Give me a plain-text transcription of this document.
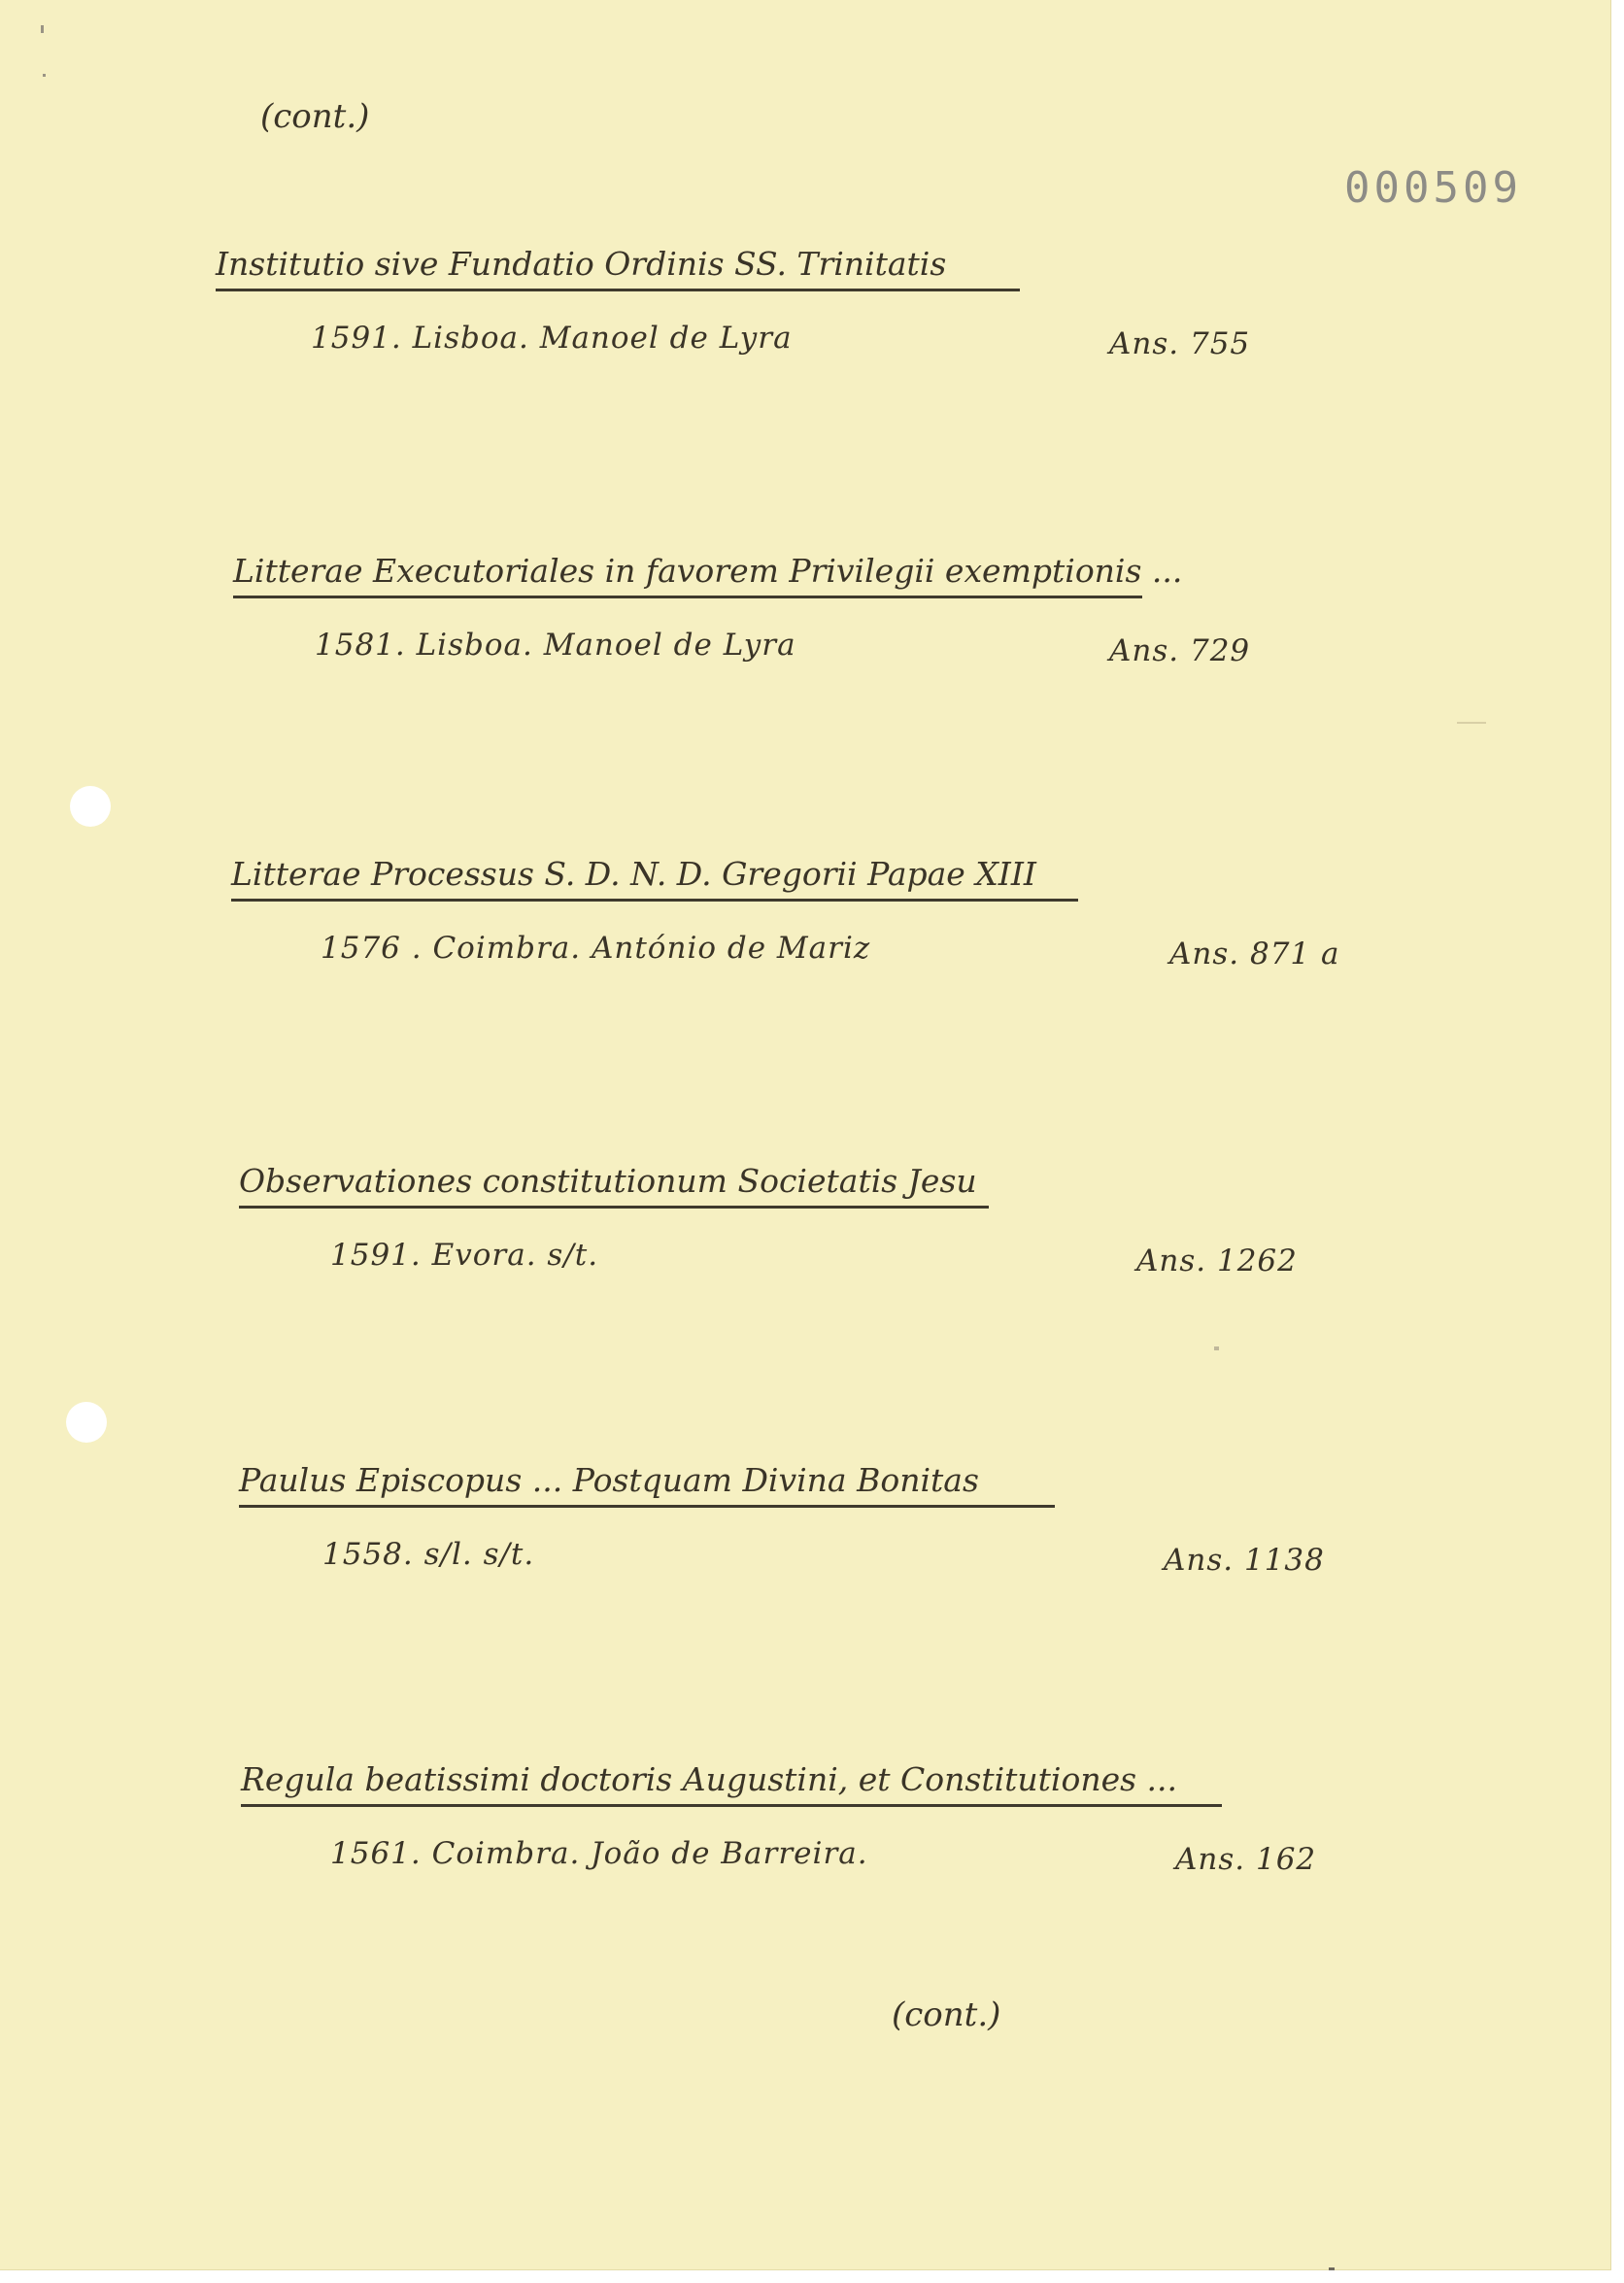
(cont.)
000509
Institutio sive Fundatio Ordinis SS. Trinitatis
1591. Lisboa. Manoel de Lyra	Ans. 755
Litterae Executoriales in favorem Privilegii exemptionis ...
1581. Lisboa. Manoel de Lyra	Ans. 729
Litterae Processus S. D. N. D. Gregorii Papae XIII
1576 . Coimbra. António de Mariz	Ans. 871 a
Observationes constitutionum Societatis Jesu
1591. Evora. s/t.	Ans. 1262
Paulus Episcopus ... Postquam Divina Bonitas
1558. s/l. s/t.	Ans. 1138
Regula beatissimi doctoris Augustini, et Constitutiones ...
1561. Coimbra. João de Barreira.	Ans. 162
(cont.)
